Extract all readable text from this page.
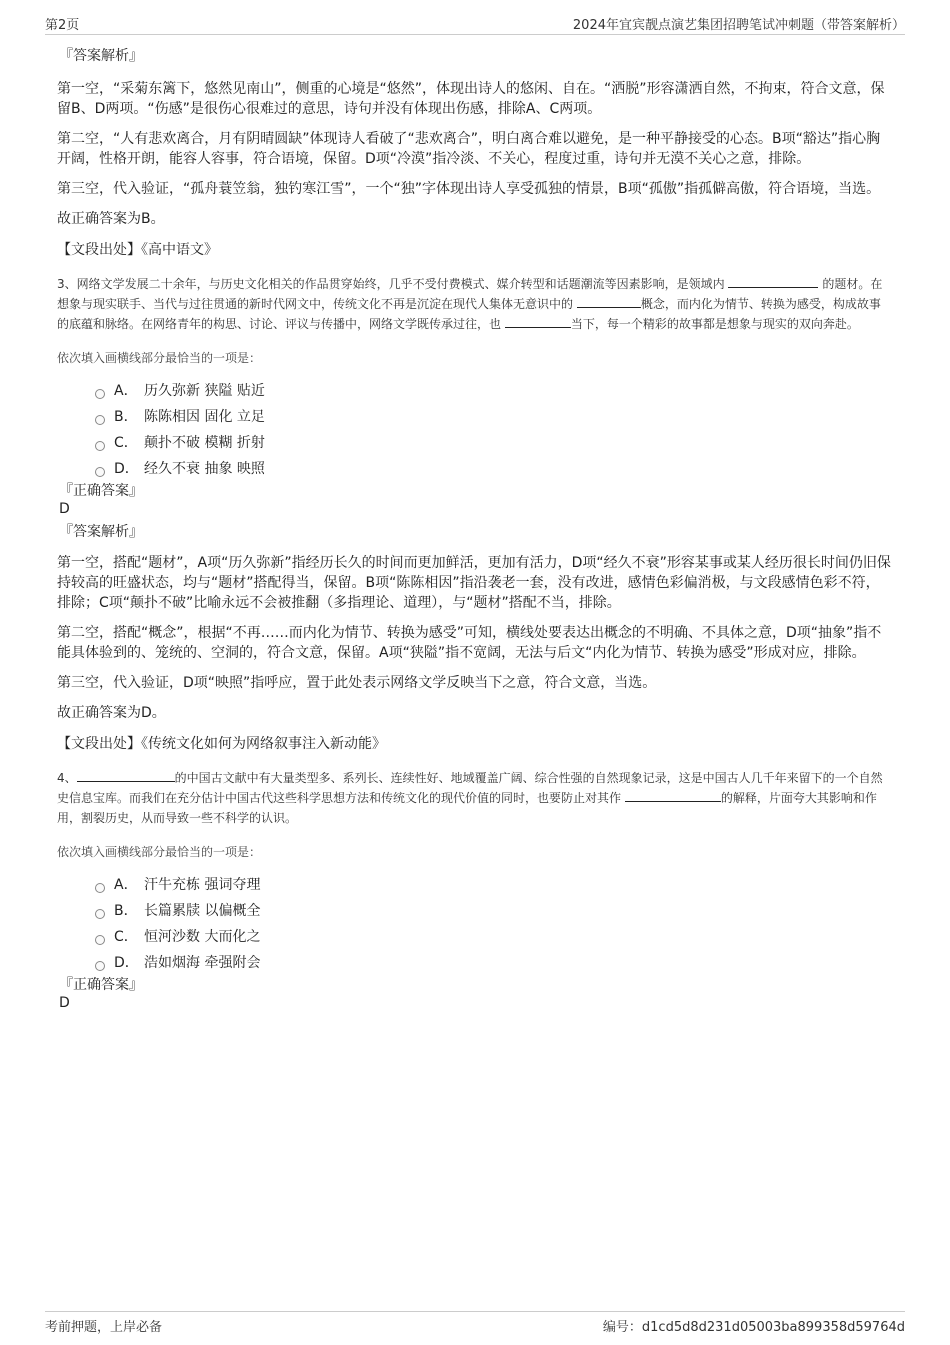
第2页	2024年宜宾靓点演艺集团招聘笔试冲刺题（带答案解析）
『答案解析』

第一空，“采菊东篱下，悠然见南山”，侧重的心境是“悠然”，体现出诗人的悠闲、自在。“洒脱”形容潇洒自然，不拘束，符合文意，保留B、D两项。“伤感”是很伤心很难过的意思，诗句并没有体现出伤感，排除A、C两项。

第二空，“人有悲欢离合，月有阴晴圆缺”体现诗人看破了“悲欢离合”，明白离合难以避免，是一种平静接受的心态。B项“豁达”指心胸开阔，性格开朗，能容人容事，符合语境，保留。D项“冷漠”指冷淡、不关心，程度过重，诗句并无漠不关心之意，排除。

第三空，代入验证，“孤舟蓑笠翁，独钓寒江雪”，一个“独”字体现出诗人享受孤独的情景，B项“孤傲”指孤僻高傲，符合语境，当选。

故正确答案为B。

【文段出处】《高中语文》

3、网络文学发展二十余年，与历史文化相关的作品贯穿始终，几乎不受付费模式、媒介转型和话题潮流等因素影响，是领域内	的题材。在想象与现实联手、当代与过往贯通的新时代网文中，传统文化不再是沉淀在现代人集体无意识中的	概念，而内化为情节、转换为感受，构成故事的底蕴和脉络。在网络青年的构思、讨论、评议与传播中，网络文学既传承过往，也	当下，每一个精彩的故事都是想象与现实的双向奔赴。

依次填入画横线部分最恰当的一项是：

A． 历久弥新 狭隘 贴近
B． 陈陈相因 固化 立足
C． 颠扑不破 模糊 折射
D． 经久不衰 抽象 映照
『正确答案』
D
『答案解析』

第一空，搭配“题材”，A项“历久弥新”指经历长久的时间而更加鲜活，更加有活力，D项“经久不衰”形容某事或某人经历很长时间仍旧保持较高的旺盛状态，均与“题材”搭配得当，保留。B项“陈陈相因”指沿袭老一套，没有改进，感情色彩偏消极，与文段感情色彩不符，排除；C项“颠扑不破”比喻永远不会被推翻（多指理论、道理），与“题材”搭配不当，排除。

第二空，搭配“概念”，根据“不再……而内化为情节、转换为感受”可知，横线处要表达出概念的不明确、不具体之意，D项“抽象”指不能具体验到的、笼统的、空洞的，符合文意，保留。A项“狭隘”指不宽阔，无法与后文“内化为情节、转换为感受”形成对应，排除。

第三空，代入验证，D项“映照”指呼应，置于此处表示网络文学反映当下之意，符合文意，当选。

故正确答案为D。

【文段出处】《传统文化如何为网络叙事注入新动能》

4、	的中国古文献中有大量类型多、系列长、连续性好、地域覆盖广阔、综合性强的自然现象记录，这是中国古人几千年来留下的一个自然史信息宝库。而我们在充分估计中国古代这些科学思想方法和传统文化的现代价值的同时，也要防止对其作	的解释，片面夸大其影响和作用，割裂历史，从而导致一些不科学的认识。

依次填入画横线部分最恰当的一项是：

A． 汗牛充栋 强词夺理
B． 长篇累牍 以偏概全
C． 恒河沙数 大而化之
D． 浩如烟海 牵强附会
『正确答案』
D
考前押题，上岸必备	编号：d1cd5d8d231d05003ba899358d59764d
